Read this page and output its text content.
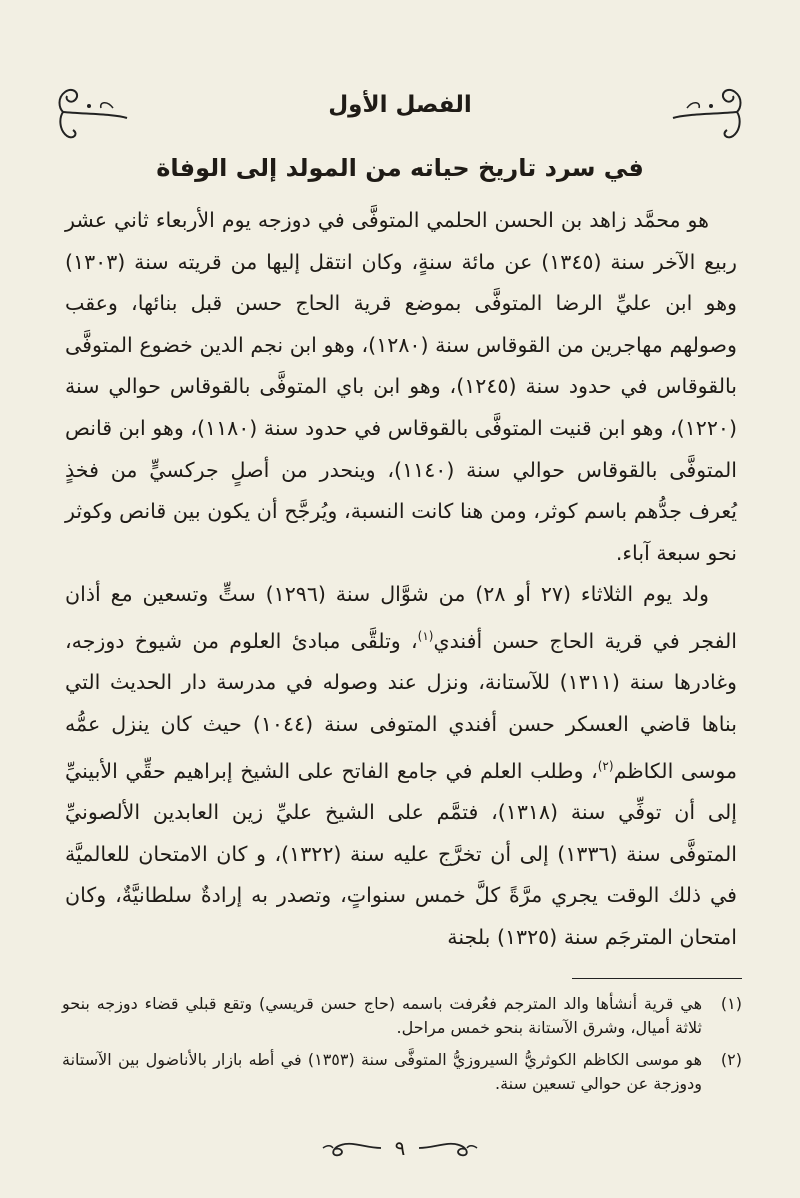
الفصل الأول
في سرد تاريخ حياته من المولد إلى الوفاة

هو محمَّد زاهد بن الحسن الحلمي المتوفَّى في دوزجه يوم الأربعاء ثاني عشر ربيع الآخر سنة (١٣٤٥) عن مائة سنةٍ، وكان انتقل إليها من قريته سنة (١٣٠٣) وهو ابن عليِّ الرضا المتوفَّى بموضع قرية الحاج حسن قبل بنائها، وعقب وصولهم مهاجرين من القوقاس سنة (١٢٨٠)، وهو ابن نجم الدين خضوع المتوفَّى بالقوقاس في حدود سنة (١٢٤٥)، وهو ابن باي المتوفَّى بالقوقاس حوالي سنة (١٢٢٠)، وهو ابن قنيت المتوفَّى بالقوقاس في حدود سنة (١١٨٠)، وهو ابن قانص المتوفَّى بالقوقاس حوالي سنة (١١٤٠)، وينحدر من أصلٍ جركسيٍّ من فخذٍ يُعرف جدُّهم باسم كوثر، ومن هنا كانت النسبة، ويُرجَّح أن يكون بين قانص وكوثر نحو سبعة آباء.

ولد يوم الثلاثاء (٢٧ أو ٢٨) من شوَّال سنة (١٢٩٦) ستٍّ وتسعين مع أذان الفجر في قرية الحاج حسن أفندي$^{(١)}$، وتلقَّى مبادئ العلوم من شيوخ دوزجه، وغادرها سنة (١٣١١) للآستانة، ونزل عند وصوله في مدرسة دار الحديث التي بناها قاضي العسكر حسن أفندي المتوفى سنة (١٠٤٤) حيث كان ينزل عمُّه موسى الكاظم$^{(٢)}$، وطلب العلم في جامع الفاتح على الشيخ إبراهيم حقِّي الأبينيِّ إلى أن توفِّي سنة (١٣١٨)، فتمَّم على الشيخ عليِّ زين العابدين الألصونيِّ المتوفَّى سنة (١٣٣٦) إلى أن تخرَّج عليه سنة (١٣٢٢)، و كان الامتحان للعالميَّة في ذلك الوقت يجري مرَّةً كلَّ خمس سنواتٍ، وتصدر به إرادةٌ سلطانيَّةٌ، وكان امتحان المترجَم سنة (١٣٢٥) بلجنة

(١)
هي قرية أنشأها والد المترجم فعُرفت باسمه (حاج حسن قريسي) وتقع قبلي قضاء دوزجه بنحو ثلاثة أميال، وشرق الآستانة بنحو خمس مراحل.
(٢)
هو موسى الكاظم الكوثريُّ السيروزيُّ المتوفَّى سنة (١٣٥٣) في أطه بازار بالأناضول بين الآستانة ودوزجة عن حوالي تسعين سنة.
٩
